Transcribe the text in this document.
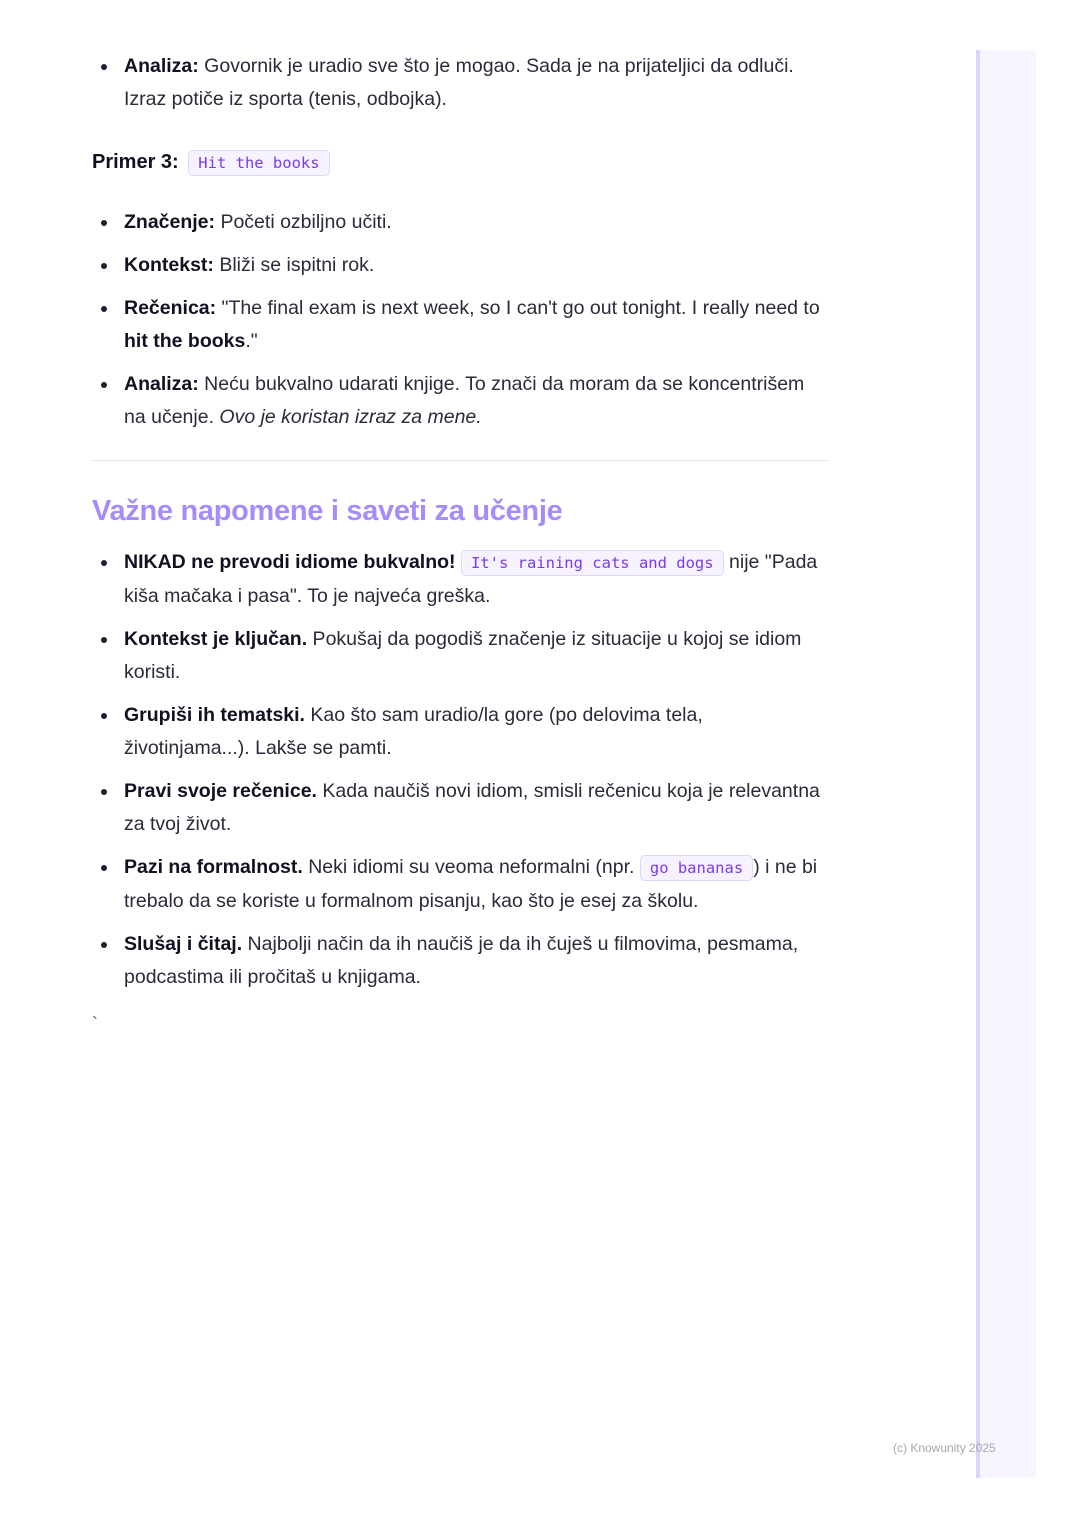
Analiza: Govornik je uradio sve što je mogao. Sada je na prijateljici da odluči. Izraz potiče iz sporta (tenis, odbojka).
Primer 3: Hit the books
Značenje: Početi ozbiljno učiti.
Kontekst: Bliži se ispitni rok.
Rečenica: "The final exam is next week, so I can't go out tonight. I really need to hit the books."
Analiza: Neću bukvalno udarati knjige. To znači da moram da se koncentrišem na učenje. Ovo je koristan izraz za mene.
Važne napomene i saveti za učenje
NIKAD ne prevodi idiome bukvalno! It's raining cats and dogs nije "Pada kiša mačaka i pasa". To je najveća greška.
Kontekst je ključan. Pokušaj da pogodiš značenje iz situacije u kojoj se idiom koristi.
Grupiši ih tematski. Kao što sam uradio/la gore (po delovima tela, životinjama...). Lakše se pamti.
Pravi svoje rečenice. Kada naučiš novi idiom, smisli rečenicu koja je relevantna za tvoj život.
Pazi na formalnost. Neki idiomi su veoma neformalni (npr. go bananas ) i ne bi trebalo da se koriste u formalnom pisanju, kao što je esej za školu.
Slušaj i čitaj. Najbolji način da ih naučiš je da ih čuješ u filmovima, pesmama, podcastima ili pročitaš u knjigama.
`
(c) Knowunity 2025
